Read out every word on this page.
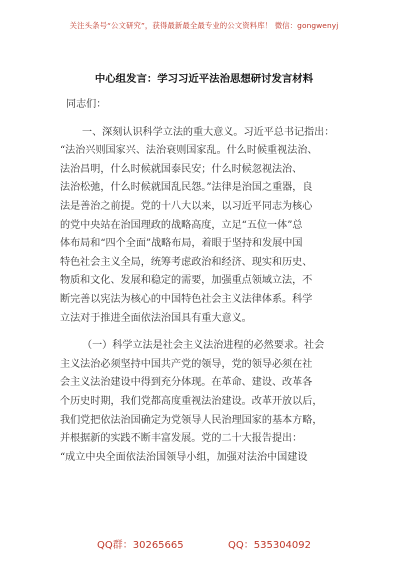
关注头条号“公文研究”，获得最新最全最专业的公文资料库！ 微信：gongwenyj
中心组发言：学习习近平法治思想研讨发言材料
同志们：
一、深刻认识科学立法的重大意义。习近平总书记指出：
“法治兴则国家兴、法治衰则国家乱。什么时候重视法治、
法治昌明，什么时候就国泰民安；什么时候忽视法治、
法治松弛，什么时候就国乱民怨。”法律是治国之重器，良
法是善治之前提。党的十八大以来，以习近平同志为核心
的党中央站在治国理政的战略高度，立足“五位一体”总
体布局和“四个全面”战略布局，着眼于坚持和发展中国
特色社会主义全局，统筹考虑政治和经济、现实和历史、
物质和文化、发展和稳定的需要，加强重点领域立法，不
断完善以宪法为核心的中国特色社会主义法律体系。科学
立法对于推进全面依法治国具有重大意义。
（一）科学立法是社会主义法治进程的必然要求。社会
主义法治必须坚持中国共产党的领导，党的领导必须在社
会主义法治建设中得到充分体现。在革命、建设、改革各
个历史时期，我们党都高度重视法治建设。改革开放以后，
我们党把依法治国确定为党领导人民治理国家的基本方略，
并根据新的实践不断丰富发展。党的二十大报告提出：
“成立中央全面依法治国领导小组，加强对法治中国建设
QQ群：30265665	QQ：535304092
